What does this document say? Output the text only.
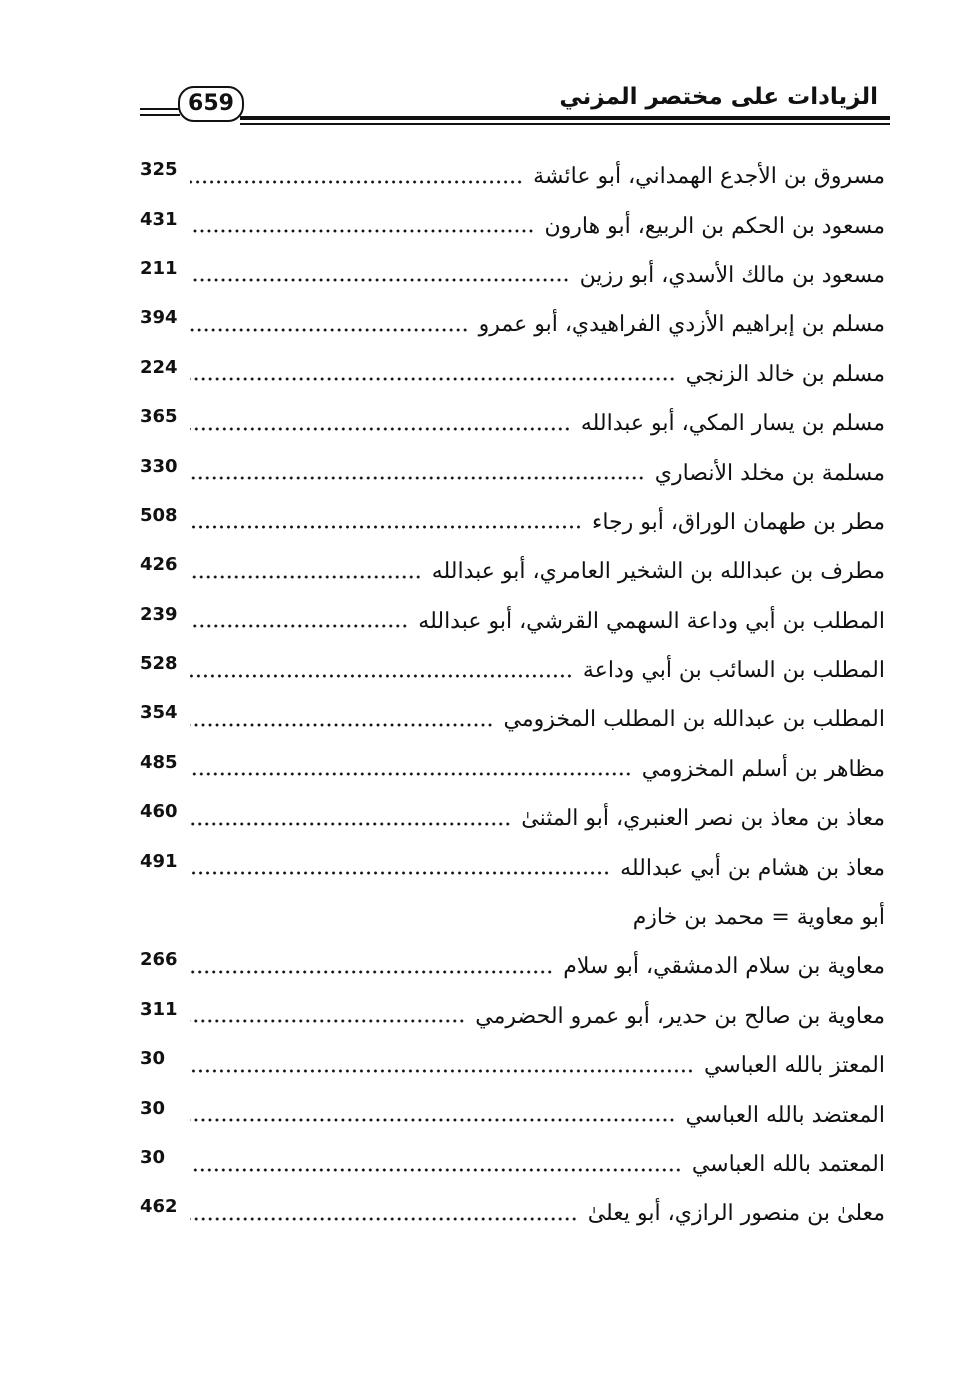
659	الزيادات على مختصر المزني
مسروق بن الأجدع الهمداني، أبو عائشة
325
مسعود بن الحكم بن الربيع، أبو هارون
431
مسعود بن مالك الأسدي، أبو رزين
211
مسلم بن إبراهيم الأزدي الفراهيدي، أبو عمرو
394
مسلم بن خالد الزنجي
224
مسلم بن يسار المكي، أبو عبدالله
365
مسلمة بن مخلد الأنصاري
330
مطر بن طهمان الوراق، أبو رجاء
508
مطرف بن عبدالله بن الشخير العامري، أبو عبدالله
426
المطلب بن أبي وداعة السهمي القرشي، أبو عبدالله
239
المطلب بن السائب بن أبي وداعة
528
المطلب بن عبدالله بن المطلب المخزومي
354
مظاهر بن أسلم المخزومي
485
معاذ بن معاذ بن نصر العنبري، أبو المثنىٰ
460
معاذ بن هشام بن أبي عبدالله
491
أبو معاوية = محمد بن خازم
معاوية بن سلام الدمشقي، أبو سلام
266
معاوية بن صالح بن حدير، أبو عمرو الحضرمي
311
المعتز بالله العباسي
30
المعتضد بالله العباسي
30
المعتمد بالله العباسي
30
معلىٰ بن منصور الرازي، أبو يعلىٰ
462
